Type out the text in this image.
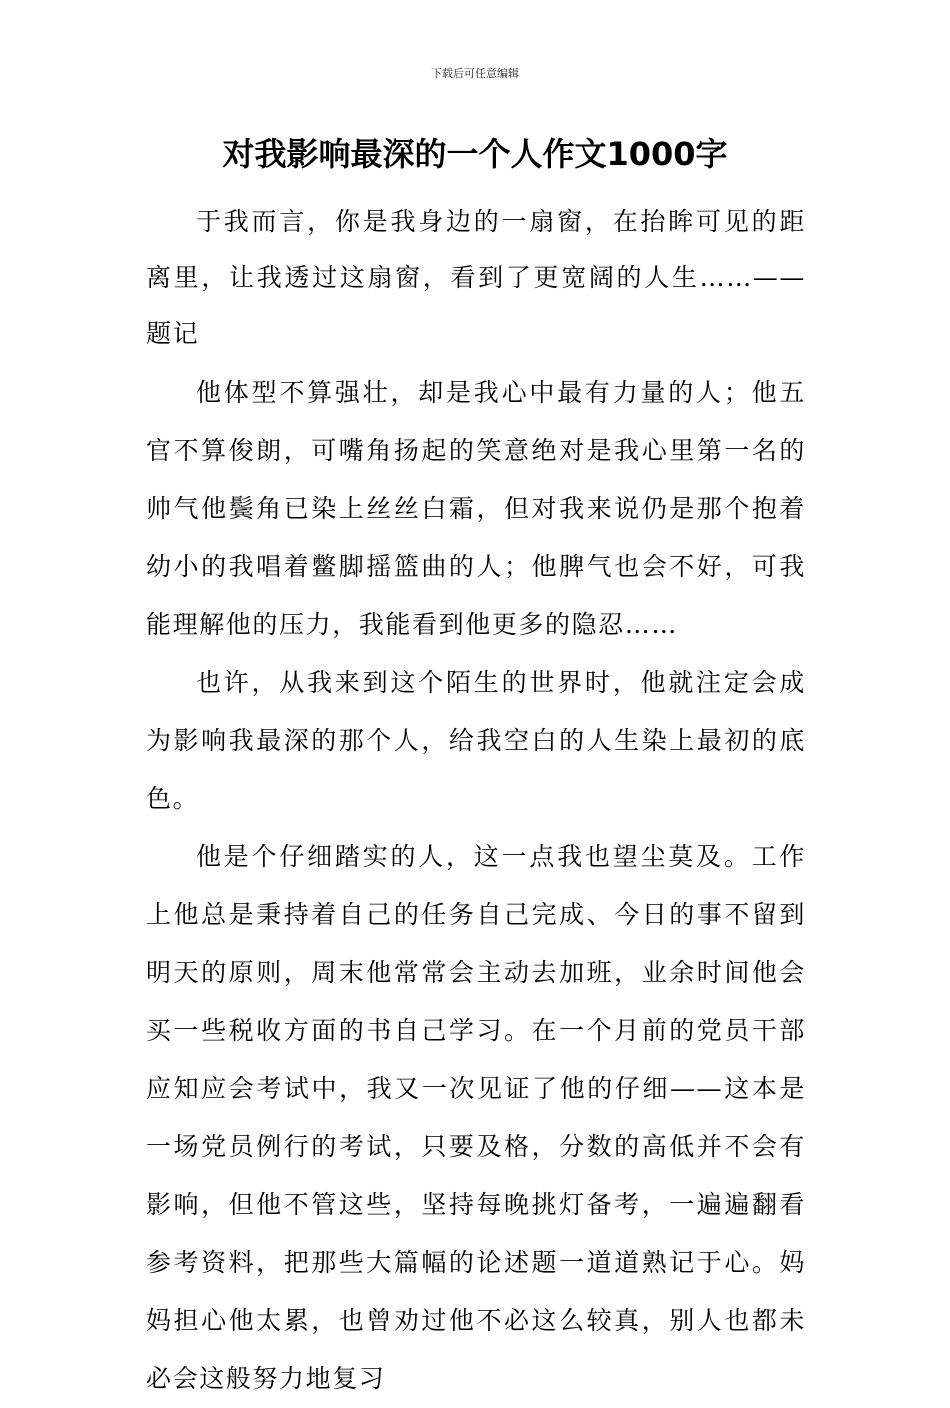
下载后可任意编辑
对我影响最深的一个人作文1000字

于我而言，你是我身边的一扇窗，在抬眸可见的距离里，让我透过这扇窗，看到了更宽阔的人生……——题记

他体型不算强壮，却是我心中最有力量的人；他五官不算俊朗，可嘴角扬起的笑意绝对是我心里第一名的帅气他鬓角已染上丝丝白霜，但对我来说仍是那个抱着幼小的我唱着鳖脚摇篮曲的人；他脾气也会不好，可我能理解他的压力，我能看到他更多的隐忍……

也许，从我来到这个陌生的世界时，他就注定会成为影响我最深的那个人，给我空白的人生染上最初的底色。

他是个仔细踏实的人，这一点我也望尘莫及。工作上他总是秉持着自己的任务自己完成、今日的事不留到明天的原则，周末他常常会主动去加班，业余时间他会买一些税收方面的书自己学习。在一个月前的党员干部应知应会考试中，我又一次见证了他的仔细——这本是一场党员例行的考试，只要及格，分数的高低并不会有影响，但他不管这些，坚持每晚挑灯备考，一遍遍翻看参考资料，把那些大篇幅的论述题一道道熟记于心。妈妈担心他太累，也曾劝过他不必这么较真，别人也都未必会这般努力地复习
